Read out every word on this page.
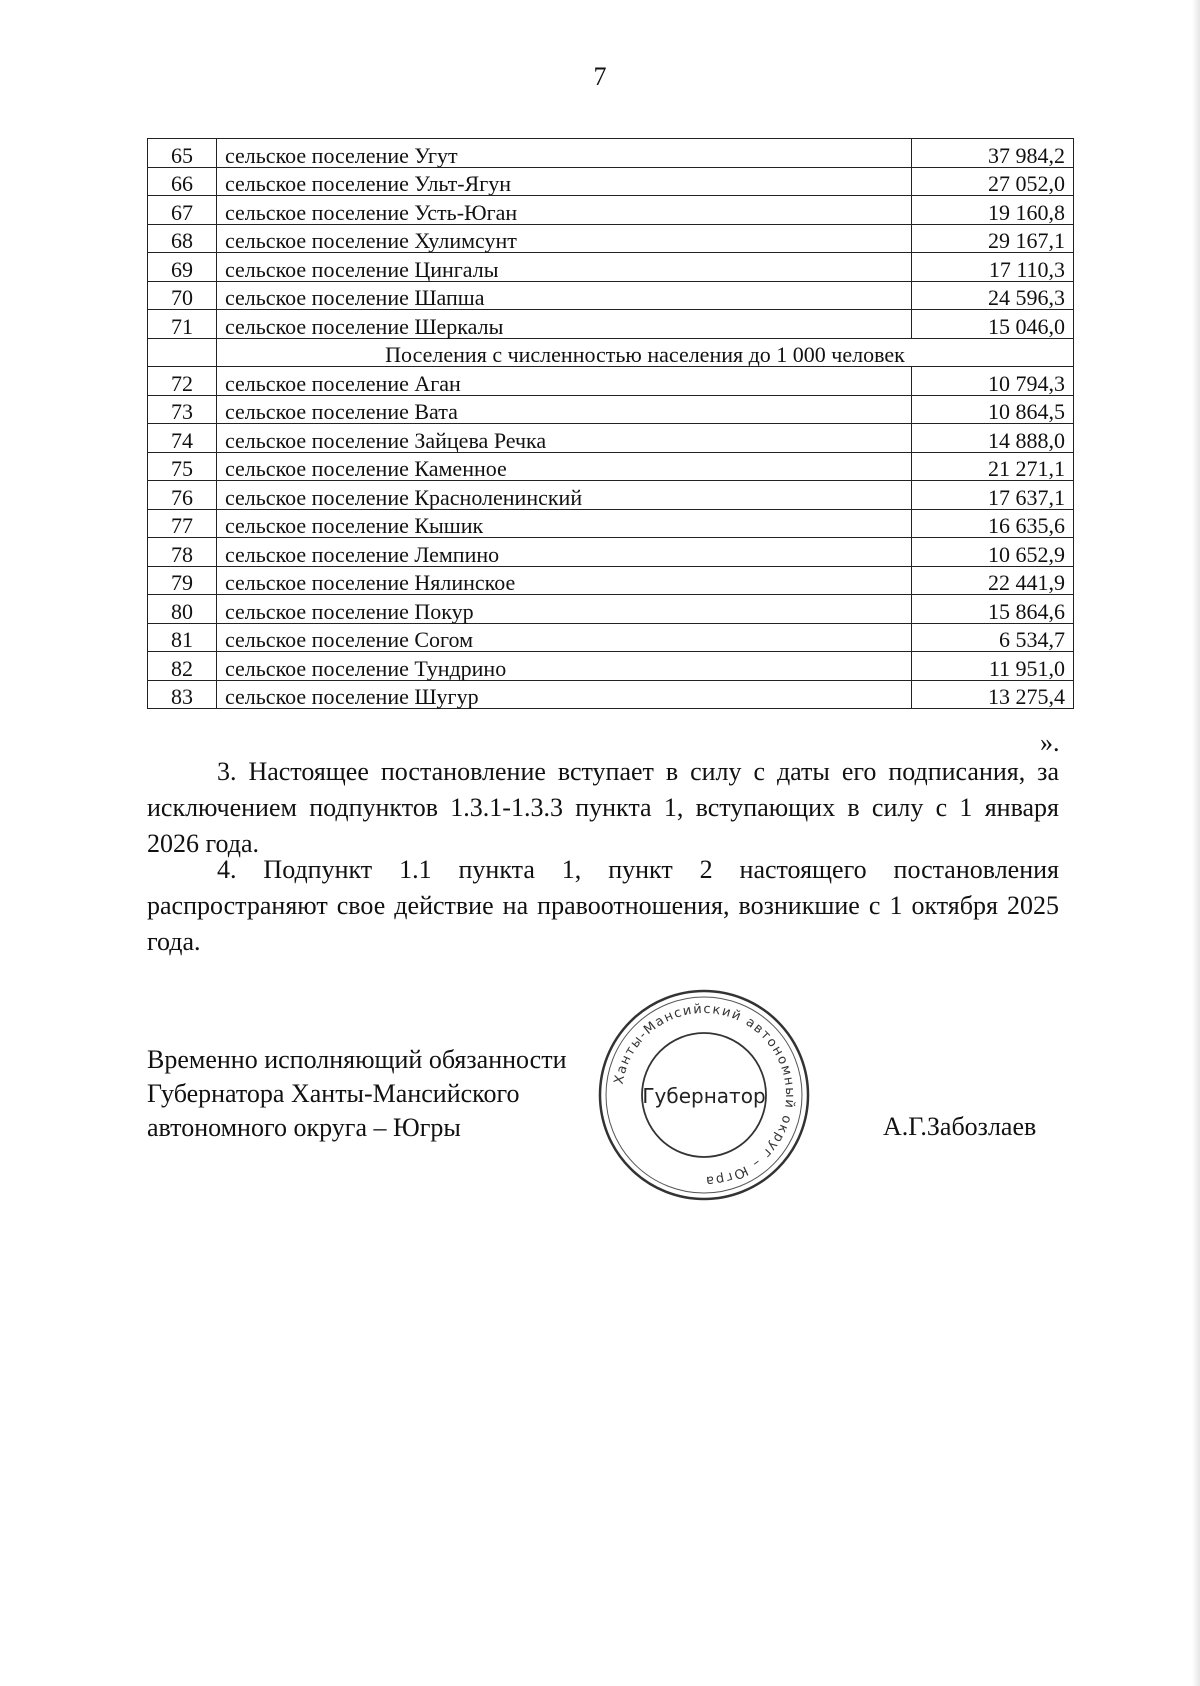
7
65	сельское поселение Угут	37 984,2
66	сельское поселение Ульт-Ягун	27 052,0
67	сельское поселение Усть-Юган	19 160,8
68	сельское поселение Хулимсунт	29 167,1
69	сельское поселение Цингалы	17 110,3
70	сельское поселение Шапша	24 596,3
71	сельское поселение Шеркалы	15 046,0
	Поселения с численностью населения до 1 000 человек	
72	сельское поселение Аган	10 794,3
73	сельское поселение Вата	10 864,5
74	сельское поселение Зайцева Речка	14 888,0
75	сельское поселение Каменное	21 271,1
76	сельское поселение Красноленинский	17 637,1
77	сельское поселение Кышик	16 635,6
78	сельское поселение Лемпино	10 652,9
79	сельское поселение Нялинское	22 441,9
80	сельское поселение Покур	15 864,6
81	сельское поселение Согом	6 534,7
82	сельское поселение Тундрино	11 951,0
83	сельское поселение Шугур	13 275,4
».
3. Настоящее постановление вступает в силу с даты его подписания, за исключением подпунктов 1.3.1-1.3.3 пункта 1, вступающих в силу с 1 января 2026 года.
4. Подпункт 1.1 пункта 1, пункт 2 настоящего постановления распространяют свое действие на правоотношения, возникшие с 1 октября 2025 года.
Временно исполняющий обязанности
Губернатора Ханты-Мансийского
автономного округа – Югры
Ханты-Мансийский автономный округ – Югра
Губернатор
А.Г.Забозлаев
